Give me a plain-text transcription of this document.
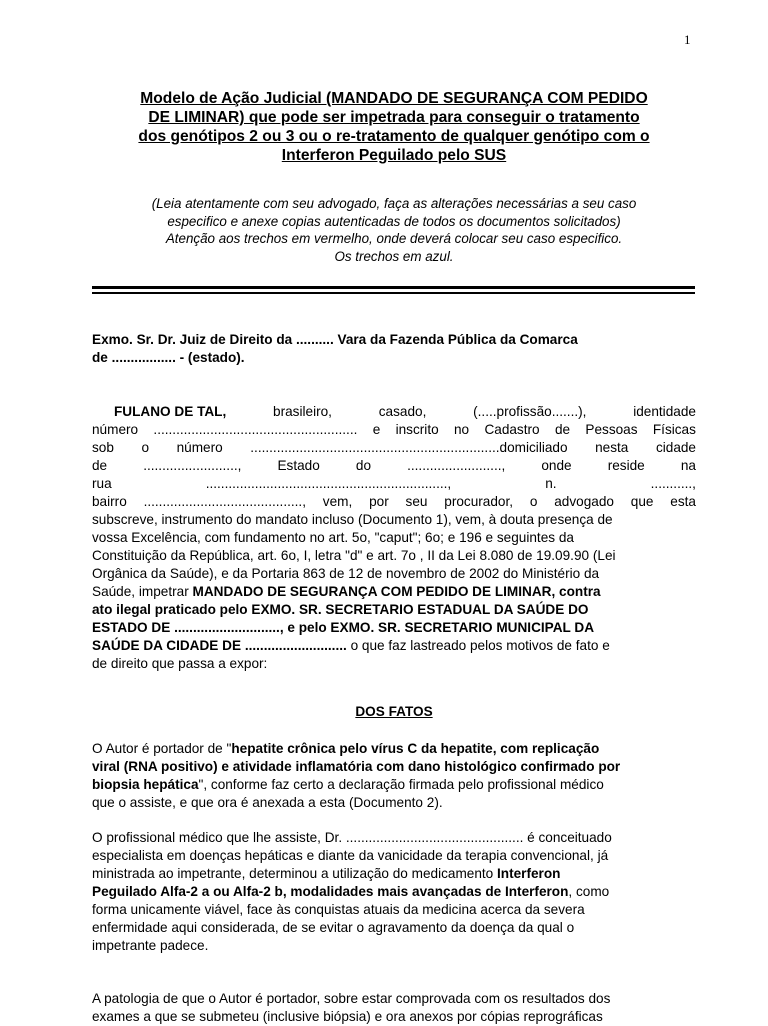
1
Modelo de Ação Judicial (MANDADO DE SEGURANÇA COM PEDIDO
DE LIMINAR) que pode ser impetrada para conseguir o tratamento
dos genótipos 2 ou 3 ou o re-tratamento de qualquer genótipo com o
Interferon Peguilado pelo SUS
(Leia atentamente com seu advogado, faça as alterações necessárias a seu caso
especifico e anexe copias autenticadas de todos os documentos solicitados)
Atenção aos trechos em vermelho, onde deverá colocar seu caso especifico.
Os trechos em azul.
Exmo. Sr. Dr. Juiz de Direito da .......... Vara da Fazenda Pública da Comarca
de ................. - (estado).
FULANO DE TAL,	brasileiro,	casado,	(.....profissão.......),	identidade
número ...................................................... e inscrito no Cadastro de Pessoas Físicas
sob o número ..................................................................domiciliado nesta cidade
de	.........................,	Estado	do	.........................,	onde	reside	na
rua	................................................................,	n.	...........,
bairro .........................................., vem, por seu procurador, o advogado que esta
subscreve, instrumento do mandato incluso (Documento 1), vem, à douta presença de
vossa Excelência, com fundamento no art. 5o, "caput"; 6o; e 196 e seguintes da
Constituição da República, art. 6o, I, letra "d" e art. 7o , II da Lei 8.080 de 19.09.90 (Lei
Orgânica da Saúde), e da Portaria 863 de 12 de novembro de 2002 do Ministério da
Saúde, impetrar MANDADO DE SEGURANÇA COM PEDIDO DE LIMINAR, contra
ato ilegal praticado pelo EXMO. SR. SECRETARIO ESTADUAL DA SAÚDE DO
ESTADO DE ............................, e pelo EXMO. SR. SECRETARIO MUNICIPAL DA
SAÚDE DA CIDADE DE ........................... o que faz lastreado pelos motivos de fato e
de direito que passa a expor:
DOS FATOS
O Autor é portador de "hepatite crônica pelo vírus C da hepatite, com replicação
viral (RNA positivo) e atividade inflamatória com dano histológico confirmado por
biopsia hepática", conforme faz certo a declaração firmada pelo profissional médico
que o assiste, e que ora é anexada a esta (Documento 2).
O profissional médico que lhe assiste, Dr. ............................................... é conceituado
especialista em doenças hepáticas e diante da vanicidade da terapia convencional, já
ministrada ao impetrante, determinou a utilização do medicamento Interferon
Peguilado Alfa-2 a ou Alfa-2 b, modalidades mais avançadas de Interferon, como
forma unicamente viável, face às conquistas atuais da medicina acerca da severa
enfermidade aqui considerada, de se evitar o agravamento da doença da qual o
impetrante padece.
A patologia de que o Autor é portador, sobre estar comprovada com os resultados dos
exames a que se submeteu (inclusive biópsia) e ora anexos por cópias reprográficas
